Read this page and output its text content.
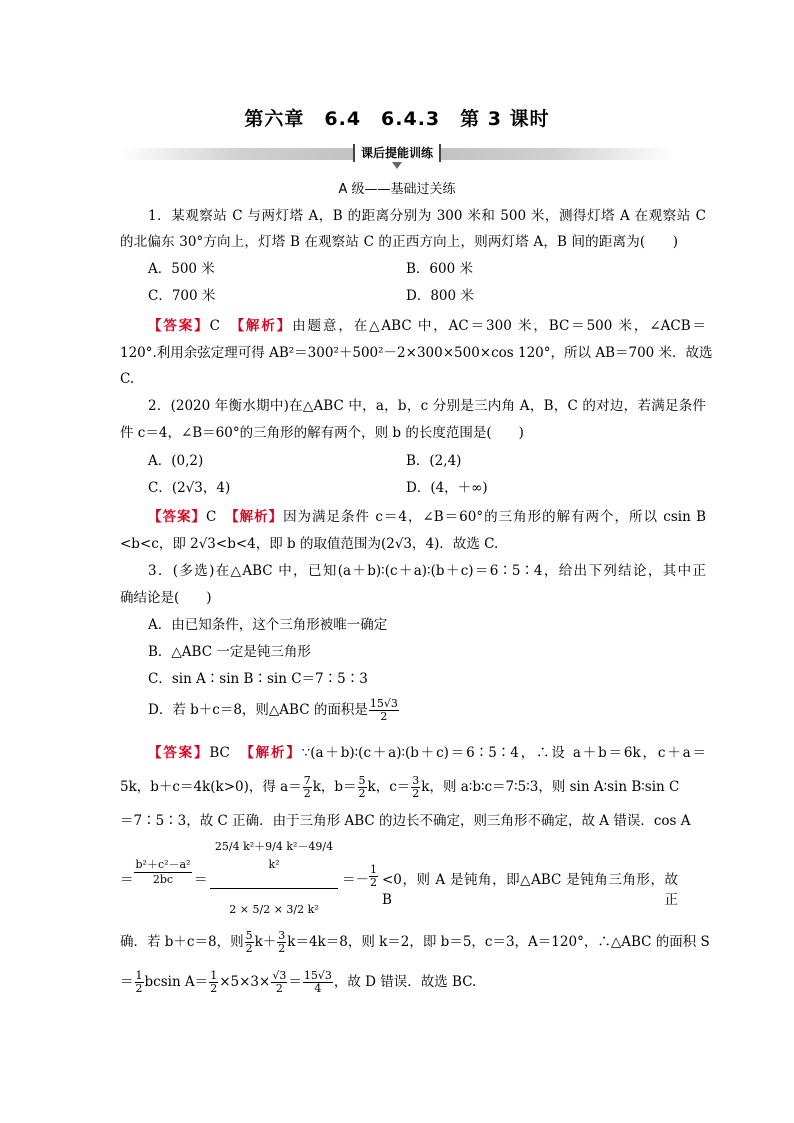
第六章　6.4　6.4.3　第 3 课时
课后提能训练
A 级——基础过关练
1．某观察站 C 与两灯塔 A，B 的距离分别为 300 米和 500 米，测得灯塔 A 在观察站 C
的北偏东 30°方向上，灯塔 B 在观察站 C 的正西方向上，则两灯塔 A，B 间的距离为(　　)
A．500 米	B．600 米
C．700 米	D．800 米
【答案】C　 【解析】由题意，在△ABC 中，AC＝300 米，BC＝500 米，∠ACB＝
120°.利用余弦定理可得 AB²＝300²＋500²－2×300×500×cos 120°，所以 AB＝700 米．故选
C.
2．(2020 年衡水期中)在△ABC 中，a，b，c 分别是三内角 A，B，C 的对边，若满足条件
件 c＝4，∠B＝60°的三角形的解有两个，则 b 的长度范围是(　　)
A．(0,2)	B．(2,4)
C．(2√3，4)	D．(4，＋∞)
【答案】C　 【解析】因为满足条件 c＝4，∠B＝60°的三角形的解有两个，所以 csin B
<b<c，即 2√3<b<4，即 b 的取值范围为(2√3，4)．故选 C.
3．(多选)在△ABC 中，已知(a＋b)∶(c＋a)∶(b＋c)＝6∶5∶4，给出下列结论，其中正
确结论是(　　)
A．由已知条件，这个三角形被唯一确定
B．△ABC 一定是钝三角形
C．sin A∶sin B∶sin C＝7∶5∶3
D．若 b＋c＝8，则△ABC 的面积是 $\frac{15√3}{2}$
【答案】BC　 【解析】∵(a＋b)∶(c＋a)∶(b＋c)＝6∶5∶4，∴设 a＋b＝6k，c＋a＝
5k，b＋c＝4k(k>0)，得 $a= \frac{7}{2}$ k，$b= \frac{5}{2}$ k，$c= \frac{3}{2}$ k，则 a∶b∶c＝7∶5∶3，则 sin A∶sin B∶sin C
＝7∶5∶3，故 C 正确．由于三角形 ABC 的边长不确定，则三角形不确定，故 A 错误．cos A
＝
b²＋c²－a²
2bc	＝
25/4 k²＋9/4 k²－49/4 k²
2 × 5/2 × 3/2 k²
＝－ $\frac{1}{2} <0$，则 A 是钝角，即△ABC 是钝角三角形，故 B 正
确．若 b＋c＝8，则 $\frac{5}{2} k+ \frac{3}{2} k=4k=8$，则 k＝2，即 b＝5，c＝3，A＝120°，∴△ABC 的面积 S
＝ $\frac{1}{2}$ bcsin $A= \frac{1}{2} \times 5\times 3\times \frac{√3}{2} = \frac{15√3}{4}$ ，故 D 错误．故选 BC.
